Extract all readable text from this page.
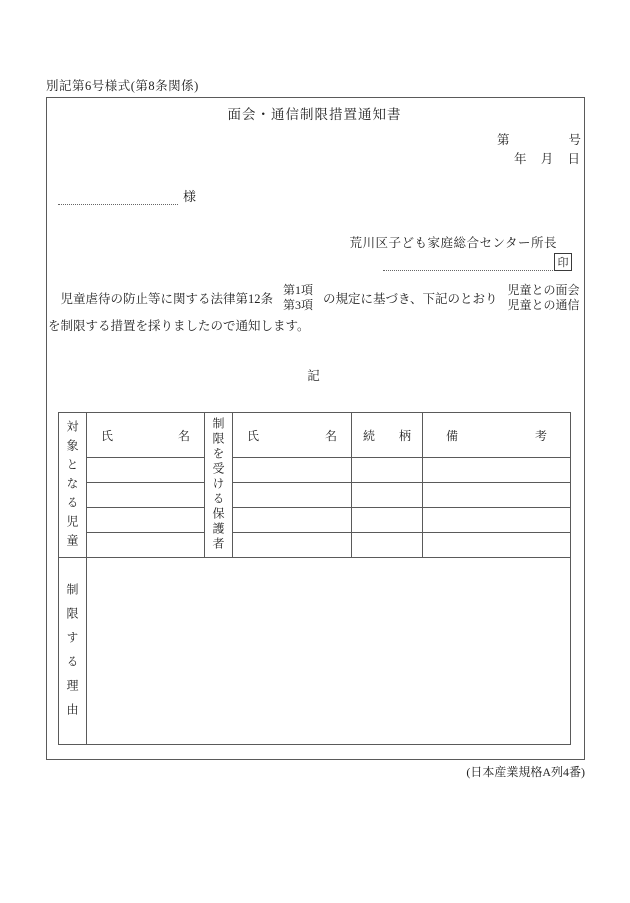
別記第6号様式(第8条関係)
面会・通信制限措置通知書
第	号
年 月 日
様
荒川区子ども家庭総合センター所長
印
　児童虐待の防止等に関する法律第12条
第1項
第3項 の規定に基づき、下記のとおり
児童との面会
児童との通信
を制限する措置を採りましたので通知します。
記
対象となる児童	氏 名	制限を受ける保護者	氏 名	続 柄	備 考

制限する理由					
(日本産業規格A列4番)
